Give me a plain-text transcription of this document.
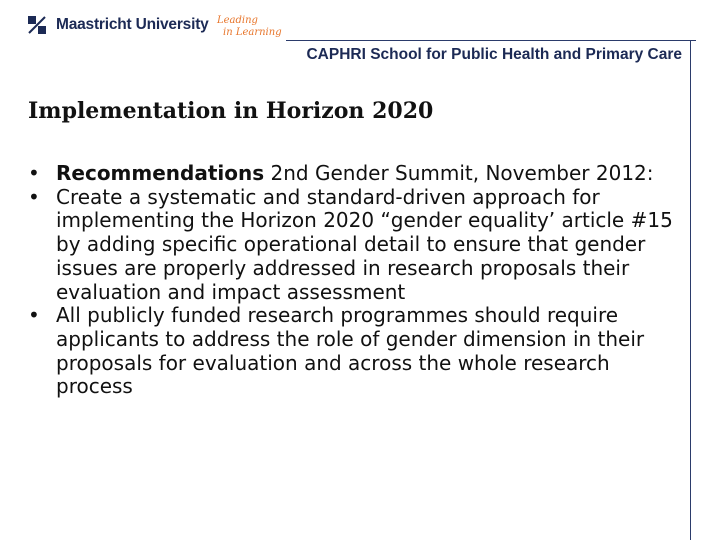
Maastricht University Leading
in Learning
CAPHRI School for Public Health and Primary Care
Implementation in Horizon 2020
• Recommendations 2nd Gender Summit, November 2012:
• Create a systematic and standard-driven approach for implementing the Horizon 2020 “gender equality’ article #15 by adding specific operational detail to ensure that gender issues are properly addressed in research proposals their evaluation and impact assessment
• All publicly funded research programmes should require applicants to address the role of gender dimension in their proposals for evaluation and across the whole research process
